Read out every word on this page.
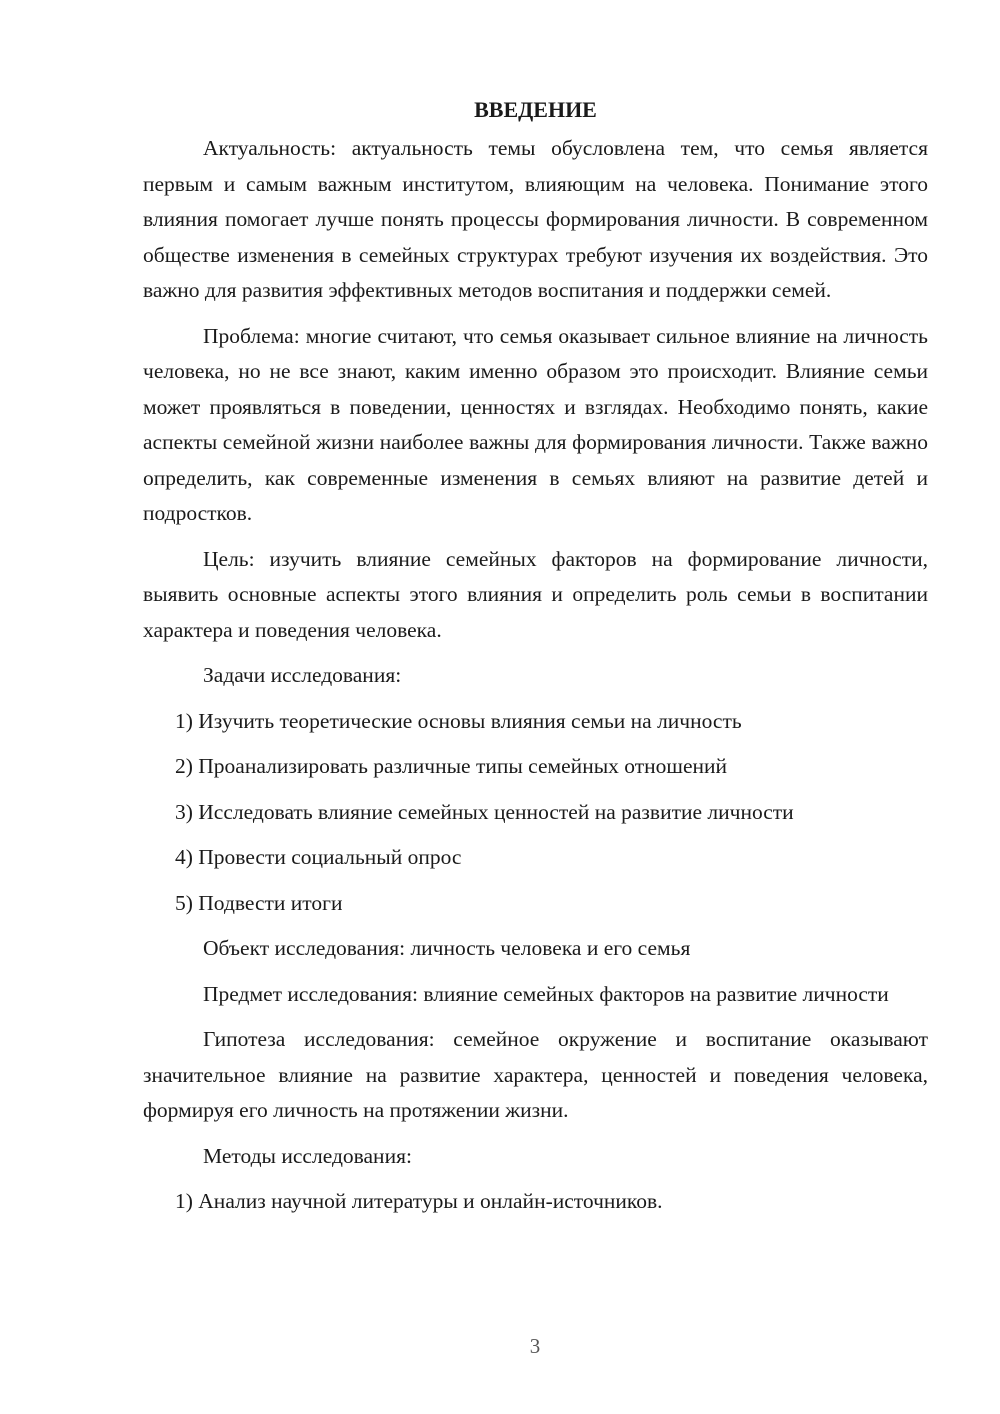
ВВЕДЕНИЕ

Актуальность: актуальность темы обусловлена тем, что семья является первым и самым важным институтом, влияющим на человека. Понимание этого влияния помогает лучше понять процессы формирования личности. В современном обществе изменения в семейных структурах требуют изучения их воздействия. Это важно для развития эффективных методов воспитания и поддержки семей.

Проблема: многие считают, что семья оказывает сильное влияние на личность человека, но не все знают, каким именно образом это происходит. Влияние семьи может проявляться в поведении, ценностях и взглядах. Необходимо понять, какие аспекты семейной жизни наиболее важны для формирования личности. Также важно определить, как современные изменения в семьях влияют на развитие детей и подростков.

Цель: изучить влияние семейных факторов на формирование личности, выявить основные аспекты этого влияния и определить роль семьи в воспитании характера и поведения человека.

Задачи исследования:
1) Изучить теоретические основы влияния семьи на личность
2) Проанализировать различные типы семейных отношений
3) Исследовать влияние семейных ценностей на развитие личности
4) Провести социальный опрос
5) Подвести итоги
Объект исследования: личность человека и его семья

Предмет исследования: влияние семейных факторов на развитие личности

Гипотеза исследования: семейное окружение и воспитание оказывают значительное влияние на развитие характера, ценностей и поведения человека, формируя его личность на протяжении жизни.

Методы исследования:
1) Анализ научной литературы и онлайн-источников.
3
